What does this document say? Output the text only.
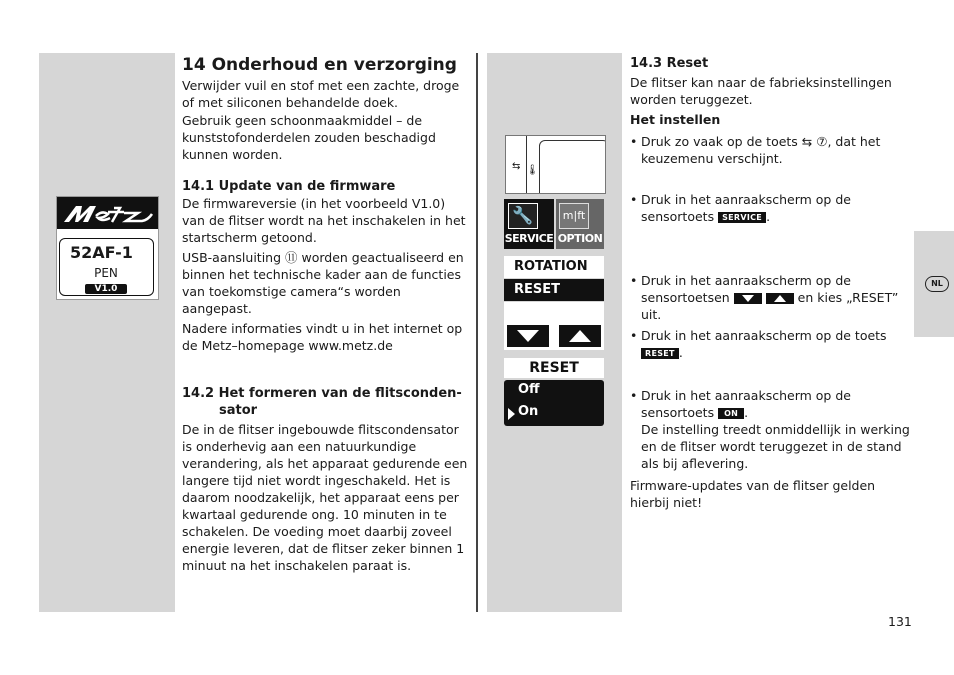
52AF-1
PEN
V1.0
14 Onderhoud en verzorging

Verwijder vuil en stof met een zachte, droge of met siliconen behandelde doek.

Gebruik geen schoonmaakmiddel – de kunststofonderdelen zouden beschadigd kunnen worden.

14.1 Update van de firmware

De firmwareversie (in het voorbeeld V1.0) van de flitser wordt na het inschakelen in het startscherm getoond.

USB-aansluiting ⑪ worden geactualiseerd en binnen het technische kader aan de functies van toekomstige camera“s worden aangepast.

Nadere informaties vindt u in het internet op de Metz–homepage www.metz.de

14.2 Het formeren van de flitsconden-
sator

De in de flitser ingebouwde flitscondensator is onderhevig aan een natuurkundige verandering, als het apparaat gedurende een langere tijd niet wordt ingeschakeld. Het is daarom noodzakelijk, het apparaat eens per kwartaal gedurende ong. 10 minuten in te schakelen. De voeding moet daarbij zoveel energie leveren, dat de flitser zeker binnen 1 minuut na het inschakelen paraat is.

⇆ 🌡
🔧
SERVICE
m|ft
OPTION
ROTATION
RESET
RESET
Off
On
14.3 Reset

De flitser kan naar de fabrieksinstellingen worden teruggezet.

Het instellen

• Druk zo vaak op de toets ⇆ ⑦, dat het keuzemenu verschijnt.

• Druk in het aanraakscherm op de sensortoets SERVICE .

• Druk in het aanraakscherm op de sensortoetsen
	en kies „RESET” uit.

• Druk in het aanraakscherm op de toets RESET .

• Druk in het aanraakscherm op de sensortoets ON .
De instelling treedt onmiddellijk in werking en de flitser wordt teruggezet in de stand als bij aflevering.

Firmware-updates van de flitser gelden hierbij niet!

NL
131
